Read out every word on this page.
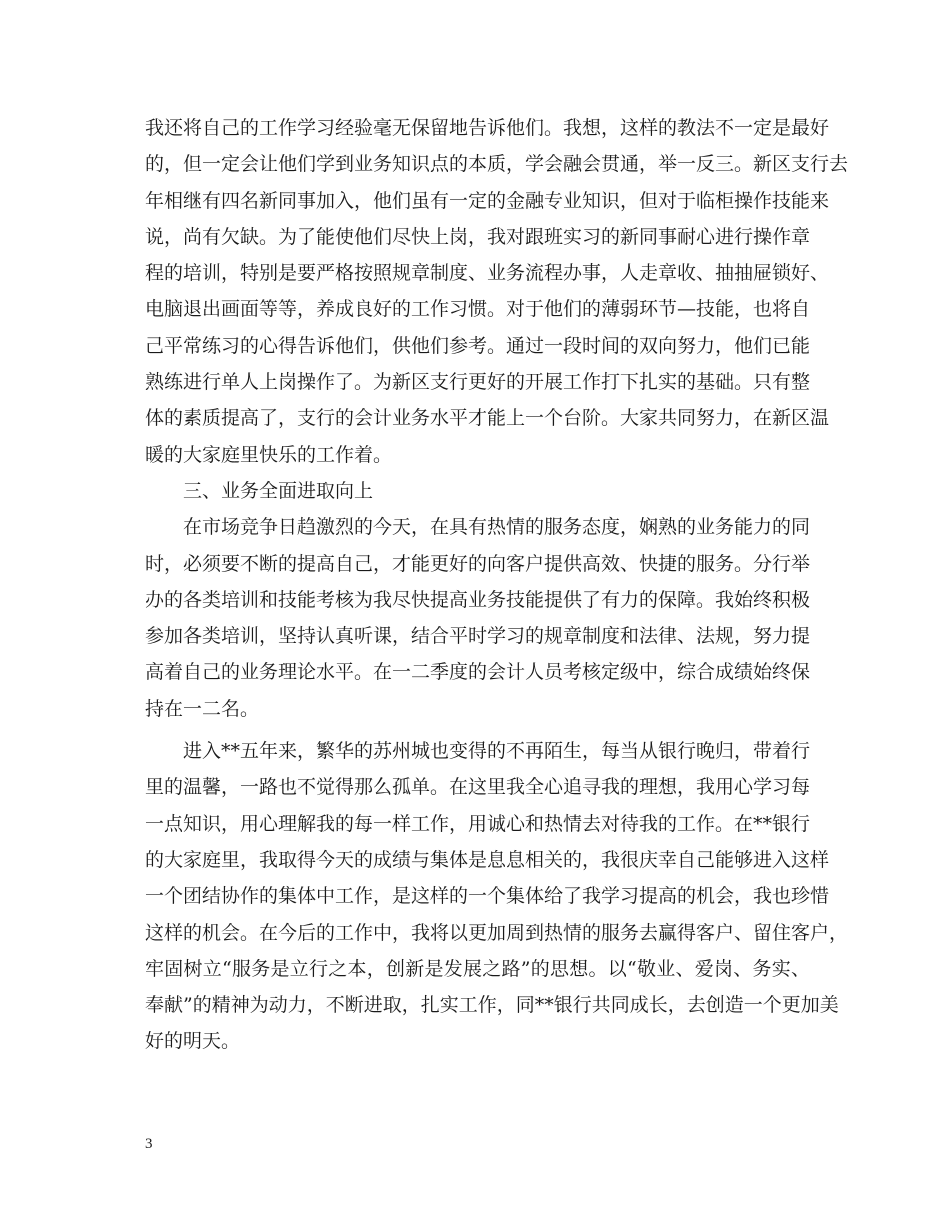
我还将自己的工作学习经验毫无保留地告诉他们。我想，这样的教法不一定是最好
的，但一定会让他们学到业务知识点的本质，学会融会贯通，举一反三。新区支行去
年相继有四名新同事加入，他们虽有一定的金融专业知识，但对于临柜操作技能来
说，尚有欠缺。为了能使他们尽快上岗，我对跟班实习的新同事耐心进行操作章
程的培训，特别是要严格按照规章制度、业务流程办事，人走章收、抽抽屉锁好、
电脑退出画面等等，养成良好的工作习惯。对于他们的薄弱环节—技能，也将自
己平常练习的心得告诉他们，供他们参考。通过一段时间的双向努力，他们已能
熟练进行单人上岗操作了。为新区支行更好的开展工作打下扎实的基础。只有整
体的素质提高了，支行的会计业务水平才能上一个台阶。大家共同努力，在新区温
暖的大家庭里快乐的工作着。
三、业务全面进取向上
在市场竞争日趋激烈的今天，在具有热情的服务态度，娴熟的业务能力的同
时，必须要不断的提高自己，才能更好的向客户提供高效、快捷的服务。分行举
办的各类培训和技能考核为我尽快提高业务技能提供了有力的保障。我始终积极
参加各类培训，坚持认真听课，结合平时学习的规章制度和法律、法规，努力提
高着自己的业务理论水平。在一二季度的会计人员考核定级中，综合成绩始终保
持在一二名。
进入**五年来，繁华的苏州城也变得的不再陌生，每当从银行晚归，带着行
里的温馨，一路也不觉得那么孤单。在这里我全心追寻我的理想，我用心学习每
一点知识，用心理解我的每一样工作，用诚心和热情去对待我的工作。在**银行
的大家庭里，我取得今天的成绩与集体是息息相关的，我很庆幸自己能够进入这样
一个团结协作的集体中工作，是这样的一个集体给了我学习提高的机会，我也珍惜
这样的机会。在今后的工作中，我将以更加周到热情的服务去赢得客户、留住客户，
牢固树立“服务是立行之本，创新是发展之路”的思想。以“敬业、爱岗、务实、
奉献”的精神为动力，不断进取，扎实工作，同**银行共同成长，去创造一个更加美
好的明天。
3
